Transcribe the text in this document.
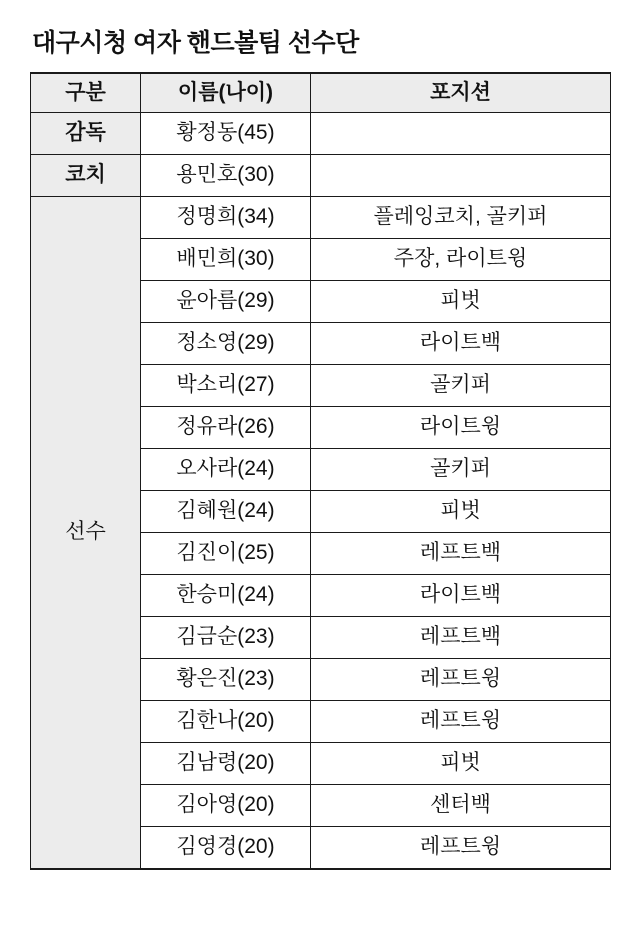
대구시청 여자 핸드볼팀 선수단
구분	이름(나이)	포지션
감독	황정동(45)	
코치	용민호(30)	
선수	정명희(34)	플레잉코치, 골키퍼
	배민희(30)	주장, 라이트윙
	윤아름(29)	피벗
	정소영(29)	라이트백
	박소리(27)	골키퍼
	정유라(26)	라이트윙
	오사라(24)	골키퍼
	김혜원(24)	피벗
	김진이(25)	레프트백
	한승미(24)	라이트백
	김금순(23)	레프트백
	황은진(23)	레프트윙
	김한나(20)	레프트윙
	김남령(20)	피벗
	김아영(20)	센터백
	김영경(20)	레프트윙
